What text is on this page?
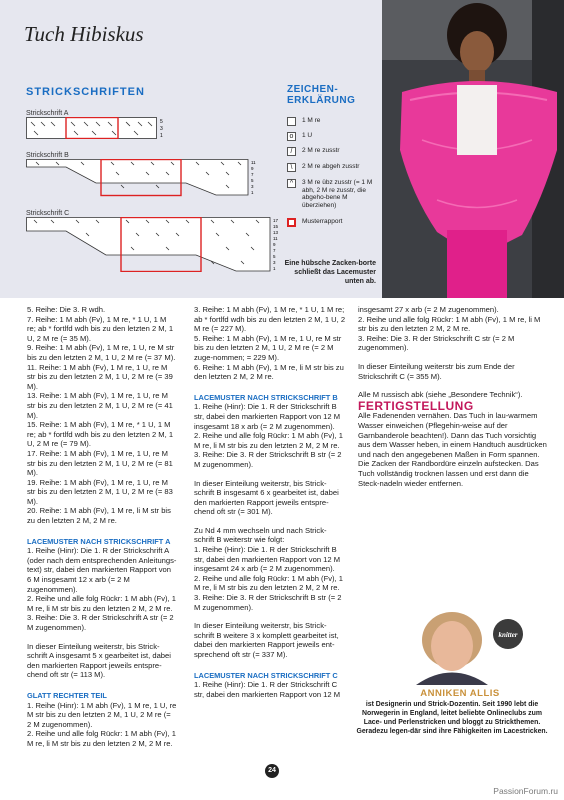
Tuch Hibiskus
STRICKSCHRIFTEN
Strickschrift A
5
3
1
Strickschrift B
11
9
7
5
3
1
Strickschrift C
17
15
13
11
9
7
5
3
1
ZEICHEN-
ERKLÄRUNG
1 M re
o	1 U
/	2 M re zusstr
\	2 M re abgeh zusstr
^	3 M re übz zusstr (= 1 M abh, 2 M re zusstr, die abgeho-bene M überziehen)
Musterrapport
Eine hübsche Zacken-borte schließt das Lacemuster unten ab.

5. Reihe: Die 3. R wdh.

7. Reihe: 1 M abh (Fv), 1 M re, * 1 U, 1 M re; ab * fortlfd wdh bis zu den letzten 2 M, 1 U, 2 M re (= 35 M).

9. Reihe: 1 M abh (Fv), 1 M re, 1 U, re M str bis zu den letzten 2 M, 1 U, 2 M re (= 37 M).

11. Reihe: 1 M abh (Fv), 1 M re, 1 U, re M str bis zu den letzten 2 M, 1 U, 2 M re (= 39 M).

13. Reihe: 1 M abh (Fv), 1 M re, 1 U, re M str bis zu den letzten 2 M, 1 U, 2 M re (= 41 M).

15. Reihe: 1 M abh (Fv), 1 M re, * 1 U, 1 M re; ab * fortlfd wdh bis zu den letzten 2 M, 1 U, 2 M re (= 79 M).

17. Reihe: 1 M abh (Fv), 1 M re, 1 U, re M str bis zu den letzten 2 M, 1 U, 2 M re (= 81 M).

19. Reihe: 1 M abh (Fv), 1 M re, 1 U, re M str bis zu den letzten 2 M, 1 U, 2 M re (= 83 M).

20. Reihe: 1 M abh (Fv), 1 M re, li M str bis zu den letzten 2 M, 2 M re.

LACEMUSTER NACH STRICKSCHRIFT A

1. Reihe (Hinr): Die 1. R der Strickschrift A (oder nach dem entsprechenden Anleitungs-text) str, dabei den markierten Rapport von 6 M insgesamt 12 x arb (= 2 M zugenommen).

2. Reihe und alle folg Rückr: 1 M abh (Fv), 1 M re, li M str bis zu den letzten 2 M, 2 M re.

3. Reihe: Die 3. R der Strickschrift A str (= 2 M zugenommen).

In dieser Einteilung weiterstr, bis Strick-schrift A insgesamt 5 x gearbeitet ist, dabei den markierten Rapport jeweils entspre-chend oft str (= 113 M).

GLATT RECHTER TEIL

1. Reihe (Hinr): 1 M abh (Fv), 1 M re, 1 U, re M str bis zu den letzten 2 M, 1 U, 2 M re (= 2 M zugenommen).

2. Reihe und alle folg Rückr: 1 M abh (Fv), 1 M re, li M str bis zu den letzten 2 M, 2 M re.

3. Reihe: 1 M abh (Fv), 1 M re, * 1 U, 1 M re; ab * fortlfd wdh bis zu den letzten 2 M, 1 U, 2 M re (= 227 M).

5. Reihe: 1 M abh (Fv), 1 M re, 1 U, re M str bis zu den letzten 2 M, 1 U, 2 M re (= 2 M zuge-nommen; = 229 M).

6. Reihe: 1 M abh (Fv), 1 M re, li M str bis zu den letzten 2 M, 2 M re.

LACEMUSTER NACH STRICKSCHRIFT B

1. Reihe (Hinr): Die 1. R der Strickschrift B str, dabei den markierten Rapport von 12 M insgesamt 18 x arb (= 2 M zugenommen).

2. Reihe und alle folg Rückr: 1 M abh (Fv), 1 M re, li M str bis zu den letzten 2 M, 2 M re.

3. Reihe: Die 3. R der Strickschrift B str (= 2 M zugenommen).

In dieser Einteilung weiterstr, bis Strick-schrift B insgesamt 6 x gearbeitet ist, dabei den markierten Rapport jeweils entspre-chend oft str (= 301 M).

Zu Nd 4 mm wechseln und nach Strick-schrift B weiterstr wie folgt:

1. Reihe (Hinr): Die 1. R der Strickschrift B str, dabei den markierten Rapport von 12 M insgesamt 24 x arb (= 2 M zugenommen).

2. Reihe und alle folg Rückr: 1 M abh (Fv), 1 M re, li M str bis zu den letzten 2 M, 2 M re.

3. Reihe: Die 3. R der Strickschrift B str (= 2 M zugenommen).

In dieser Einteilung weiterstr, bis Strick-schrift B weitere 3 x komplett gearbeitet ist, dabei den markierten Rapport jeweils ent-sprechend oft str (= 337 M).

LACEMUSTER NACH STRICKSCHRIFT C

1. Reihe (Hinr): Die 1. R der Strickschrift C str, dabei den markierten Rapport von 12 M

insgesamt 27 x arb (= 2 M zugenommen).

2. Reihe und alle folg Rückr: 1 M abh (Fv), 1 M re, li M str bis zu den letzten 2 M, 2 M re.

3. Reihe: Die 3. R der Strickschrift C str (= 2 M zugenommen).

In dieser Einteilung weiterstr bis zum Ende der Strickschrift C (= 355 M).

Alle M russisch abk (siehe „Besondere Technik“).

FERTIGSTELLUNG

Alle Fadenenden vernähen. Das Tuch in lau-warmem Wasser einweichen (Pflegehin-weise auf der Garnbanderole beachten!). Dann das Tuch vorsichtig aus dem Wasser heben, in einem Handtuch ausdrücken und nach den angegebenen Maßen in Form spannen. Die Zacken der Randbordüre einzeln aufstecken. Das Tuch vollständig trocknen lassen und erst dann die Steck-nadeln wieder entfernen.

knitter
ANNIKEN ALLIS
ist Designerin und Strick-Dozentin. Seit 1990 lebt die Norwegerin in England, leitet beliebte Onlineclubs zum Lace- und Perlenstricken und bloggt zu Strickthemen. Geradezu legen-där sind ihre Fähigkeiten im Lacestricken.
24
PassionForum.ru
